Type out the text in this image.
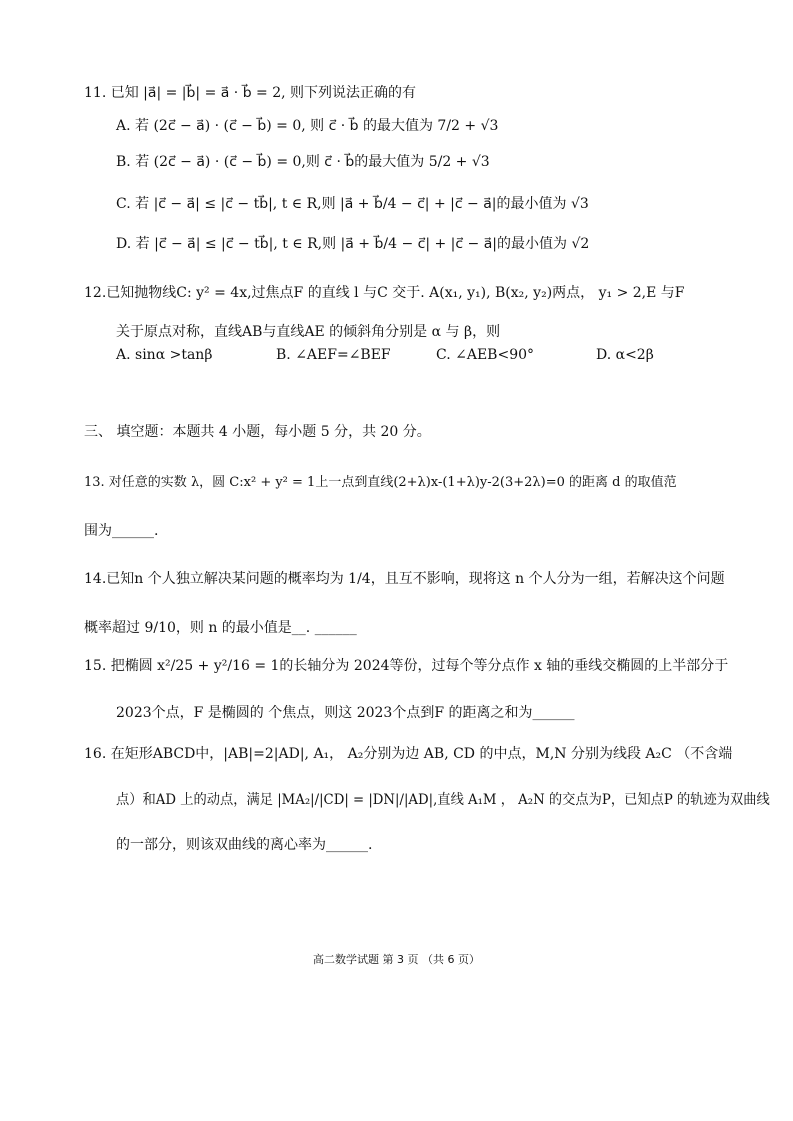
11. 已知 |a⃗| = |b⃗| = a⃗ · b⃗ = 2, 则下列说法正确的有
A. 若 (2c⃗ − a⃗) · (c⃗ − b⃗) = 0, 则 c⃗ · b⃗ 的最大值为 7/2 + √3
B. 若 (2c⃗ − a⃗) · (c⃗ − b⃗) = 0,则 c⃗ · b⃗的最大值为 5/2 + √3
C. 若 |c⃗ − a⃗| ≤ |c⃗ − tb⃗|, t ∈ R,则 |a⃗ + b⃗/4 − c⃗| + |c⃗ − a⃗|的最小值为 √3
D. 若 |c⃗ − a⃗| ≤ |c⃗ − tb⃗|, t ∈ R,则 |a⃗ + b⃗/4 − c⃗| + |c⃗ − a⃗|的最小值为 √2
12.已知抛物线C: y² = 4x,过焦点F 的直线 l 与C 交于. A(x₁, y₁), B(x₂, y₂)两点， y₁ > 2,E 与F
关于原点对称，直线AB与直线AE 的倾斜角分别是 α 与 β，则
A. sinα >tanβ	B. ∠AEF=∠BEF	C. ∠AEB<90°	D. α<2β
三、 填空题：本题共 4 小题，每小题 5 分，共 20 分。
13. 对任意的实数 λ，圆 C:x² + y² = 1上一点到直线(2+λ)x-(1+λ)y-2(3+2λ)=0 的距离 d 的取值范
围为______.
14.已知n 个人独立解决某问题的概率均为 1/4，且互不影响，现将这 n 个人分为一组，若解决这个问题
概率超过 9/10，则 n 的最小值是__. ______
15. 把椭圆 x²/25 + y²/16 = 1的长轴分为 2024等份，过每个等分点作 x 轴的垂线交椭圆的上半部分于
2023个点，F 是椭圆的 个焦点，则这 2023个点到F 的距离之和为______
16. 在矩形ABCD中，|AB|=2|AD|, A₁， A₂分别为边 AB, CD 的中点，M,N 分别为线段 A₂C （不含端
点）和AD 上的动点，满足 |MA₂|/|CD| = |DN|/|AD|,直线 A₁M ， A₂N 的交点为P，已知点P 的轨迹为双曲线
的一部分，则该双曲线的离心率为______.
高二数学试题 第 3 页 （共 6 页）
